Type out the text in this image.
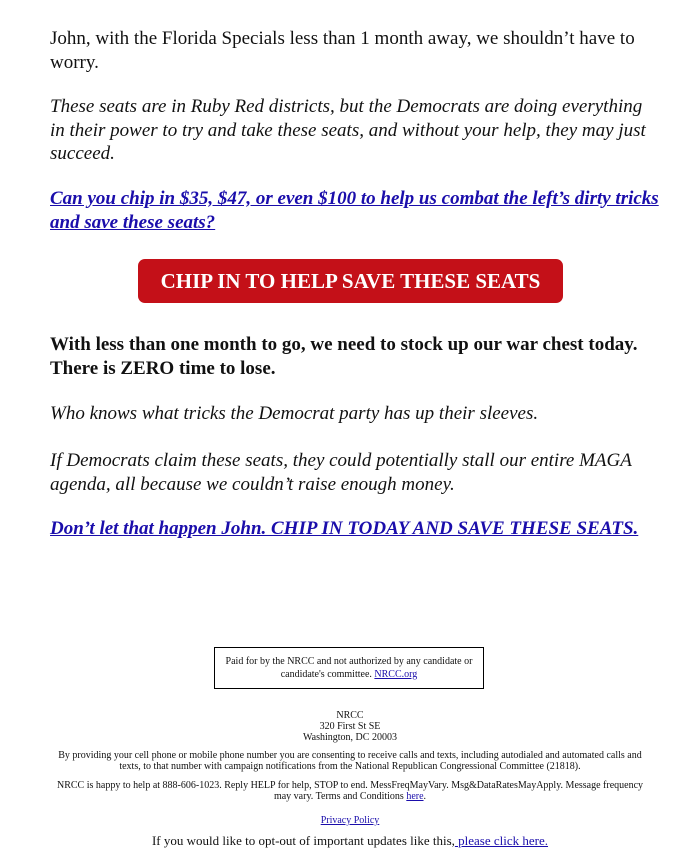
John, with the Florida Specials less than 1 month away, we shouldn’t have to worry.

These seats are in Ruby Red districts, but the Democrats are doing everything in their power to try and take these seats, and without your help, they may just succeed.

Can you chip in $35, $47, or even $100 to help us combat the left’s dirty tricks and save these seats?

CHIP IN TO HELP SAVE THESE SEATS

With less than one month to go, we need to stock up our war chest today. There is ZERO time to lose.

Who knows what tricks the Democrat party has up their sleeves.

If Democrats claim these seats, they could potentially stall our entire MAGA agenda, all because we couldn’t raise enough money.

Don’t let that happen John. CHIP IN TODAY AND SAVE THESE SEATS.

Paid for by the NRCC and not authorized by any candidate or candidate's committee. NRCC.org
NRCC
320 First St SE
Washington, DC 20003
By providing your cell phone or mobile phone number you are consenting to receive calls and texts, including autodialed and automated calls and texts, to that number with campaign notifications from the National Republican Congressional Committee (21818).
NRCC is happy to help at 888-606-1023. Reply HELP for help, STOP to end. MessFreqMayVary. Msg&DataRatesMayApply. Message frequency may vary. Terms and Conditions here.
Privacy Policy
If you would like to opt-out of important updates like this, please click here.
